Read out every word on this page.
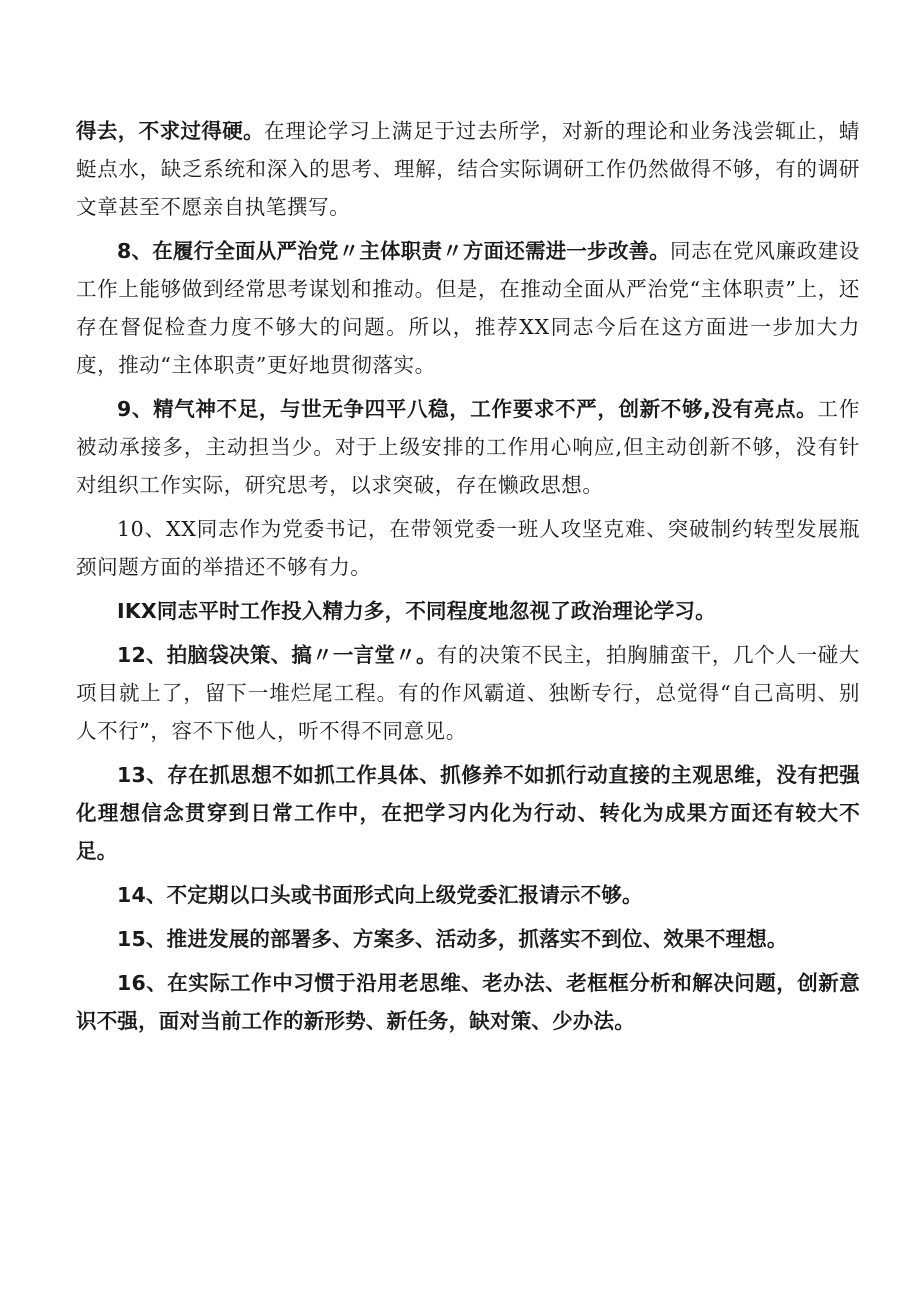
得去，不求过得硬。在理论学习上满足于过去所学，对新的理论和业务浅尝辄止，蜻蜓点水，缺乏系统和深入的思考、理解，结合实际调研工作仍然做得不够，有的调研文章甚至不愿亲自执笔撰写。

8、在履行全面从严治党〃主体职责〃方面还需进一步改善。同志在党风廉政建设工作上能够做到经常思考谋划和推动。但是，在推动全面从严治党“主体职责”上，还存在督促检查力度不够大的问题。所以，推荐XX同志今后在这方面进一步加大力度，推动“主体职责”更好地贯彻落实。

9、精气神不足，与世无争四平八稳，工作要求不严，创新不够,没有亮点。工作被动承接多，主动担当少。对于上级安排的工作用心响应,但主动创新不够，没有针对组织工作实际，研究思考，以求突破，存在懒政思想。

10、XX同志作为党委书记，在带领党委一班人攻坚克难、突破制约转型发展瓶颈问题方面的举措还不够有力。

IKX同志平时工作投入精力多，不同程度地忽视了政治理论学习。

12、拍脑袋决策、搞〃一言堂〃。有的决策不民主，拍胸脯蛮干，几个人一碰大项目就上了，留下一堆烂尾工程。有的作风霸道、独断专行，总觉得“自己高明、别人不行”，容不下他人，听不得不同意见。

13、存在抓思想不如抓工作具体、抓修养不如抓行动直接的主观思维，没有把强化理想信念贯穿到日常工作中，在把学习内化为行动、转化为成果方面还有较大不足。

14、不定期以口头或书面形式向上级党委汇报请示不够。

15、推进发展的部署多、方案多、活动多，抓落实不到位、效果不理想。

16、在实际工作中习惯于沿用老思维、老办法、老框框分析和解决问题，创新意识不强，面对当前工作的新形势、新任务，缺对策、少办法。
